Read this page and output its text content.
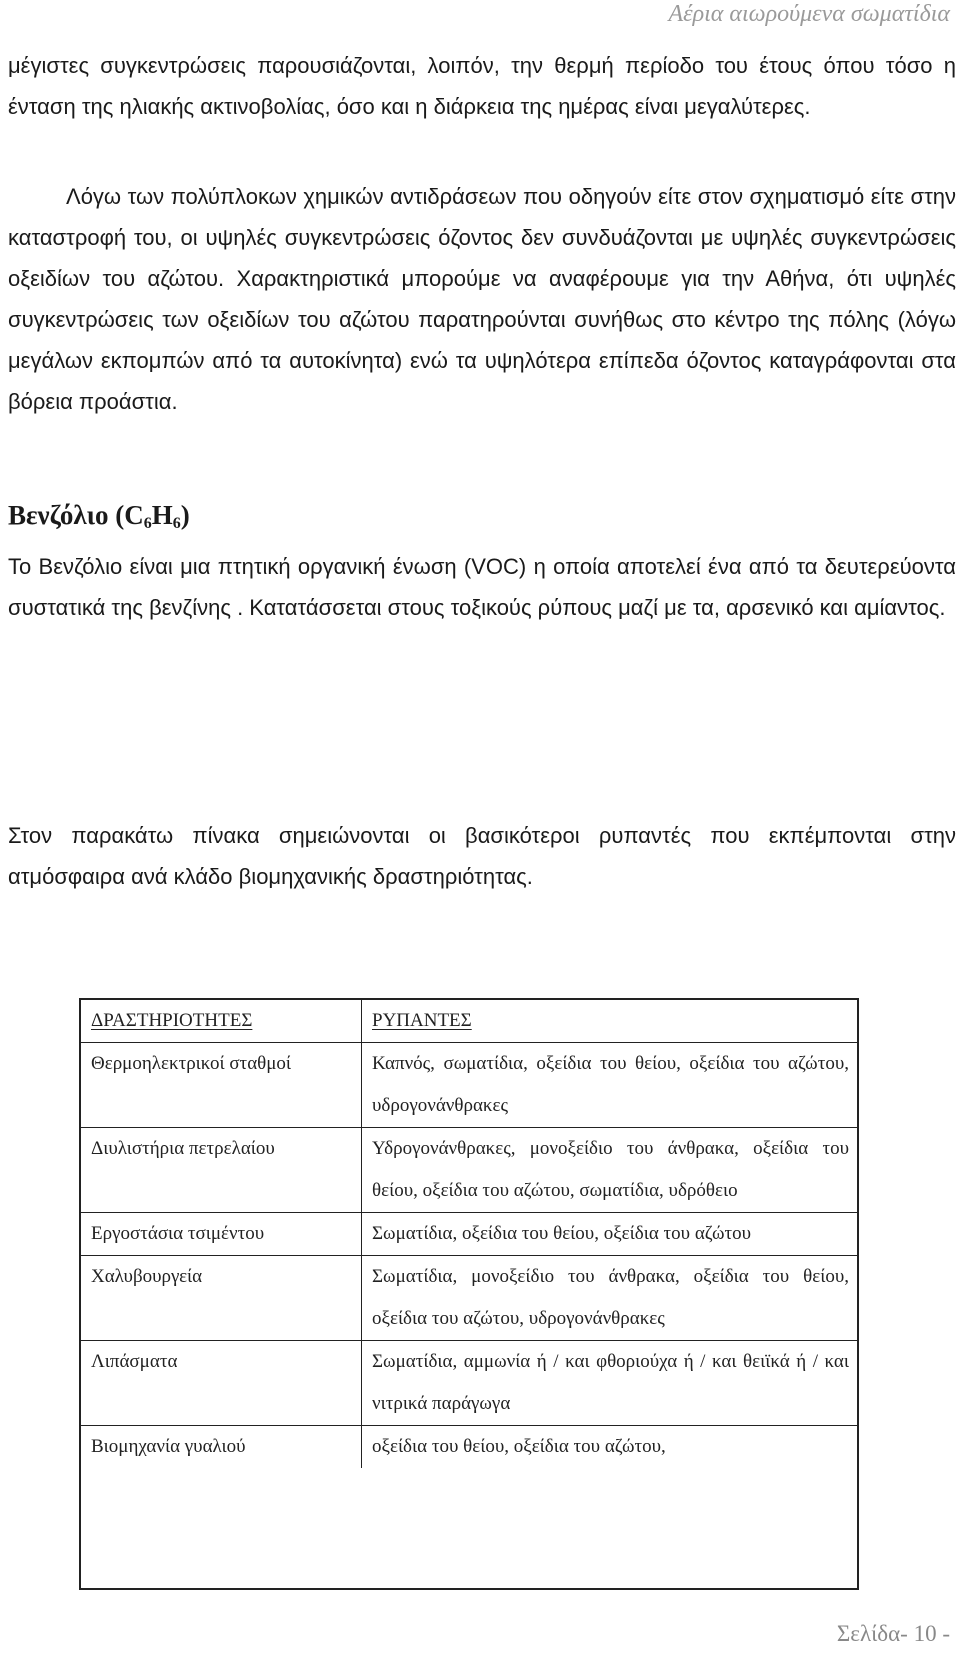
Αέρια αιωρούμενα σωματίδια

μέγιστες συγκεντρώσεις παρουσιάζονται, λοιπόν, την θερμή περίοδο του έτους όπου τόσο η ένταση της ηλιακής ακτινοβολίας, όσο και η διάρκεια της ημέρας είναι μεγαλύτερες.

Λόγω των πολύπλοκων χημικών αντιδράσεων που οδηγούν είτε στον σχηματισμό είτε στην καταστροφή του, οι υψηλές συγκεντρώσεις όζοντος δεν συνδυάζονται με υψηλές συγκεντρώσεις οξειδίων του αζώτου. Χαρακτηριστικά μπορούμε να αναφέρουμε για την Αθήνα, ότι υψηλές συγκεντρώσεις των οξειδίων του αζώτου παρατηρούνται συνήθως στο κέντρο της πόλης (λόγω μεγάλων εκπομπών από τα αυτοκίνητα) ενώ τα υψηλότερα επίπεδα όζοντος καταγράφονται στα βόρεια προάστια.

Βενζόλιο $(C_6H_6)$

Το Βενζόλιο είναι μια πτητική οργανική ένωση (VOC) η οποία αποτελεί ένα από τα δευτερεύοντα συστατικά της βενζίνης . Κατατάσσεται στους τοξικούς ρύπους μαζί με τα, αρσενικό και αμίαντος.

Στον παρακάτω πίνακα σημειώνονται οι βασικότεροι ρυπαντές που εκπέμπονται στην ατμόσφαιρα ανά κλάδο βιομηχανικής δραστηριότητας.

ΔΡΑΣΤΗΡΙΟΤΗΤΕΣ	ΡΥΠΑΝΤΕΣ
Θερμοηλεκτρικοί σταθμοί	Καπνός, σωματίδια, οξείδια του θείου, οξείδια του αζώτου, υδρογονάνθρακες
Διυλιστήρια πετρελαίου	Υδρογονάνθρακες, μονοξείδιο του άνθρακα, οξείδια του θείου, οξείδια του αζώτου, σωματίδια, υδρόθειο
Εργοστάσια τσιμέντου	Σωματίδια, οξείδια του θείου, οξείδια του αζώτου
Χαλυβουργεία	Σωματίδια, μονοξείδιο του άνθρακα, οξείδια του θείου, οξείδια του αζώτου, υδρογονάνθρακες
Λιπάσματα	Σωματίδια, αμμωνία ή / και φθοριούχα ή / και θειϊκά ή / και νιτρικά παράγωγα
Βιομηχανία γυαλιού	οξείδια του θείου, οξείδια του αζώτου,

Σελίδα- 10 -
